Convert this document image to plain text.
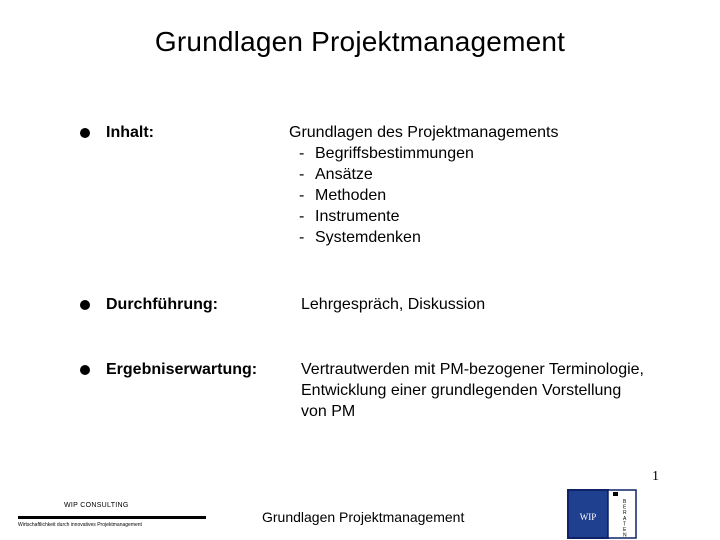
Grundlagen Projektmanagement
Inhalt:	Grundlagen des Projektmanagements
- Begriffsbestimmungen
- Ansätze
- Methoden
- Instrumente
- Systemdenken
Durchführung:	Lehrgespräch, Diskussion
Ergebniserwartung:	Vertrautwerden mit PM-bezogener Terminologie,
Entwicklung einer grundlegenden Vorstellung
von PM
WIP CONSULTING
Wirtschaftlichkeit durch innovatives Projektmanagement	Grundlagen Projektmanagement
1
WIP
B
E
R
A
T
E
N
